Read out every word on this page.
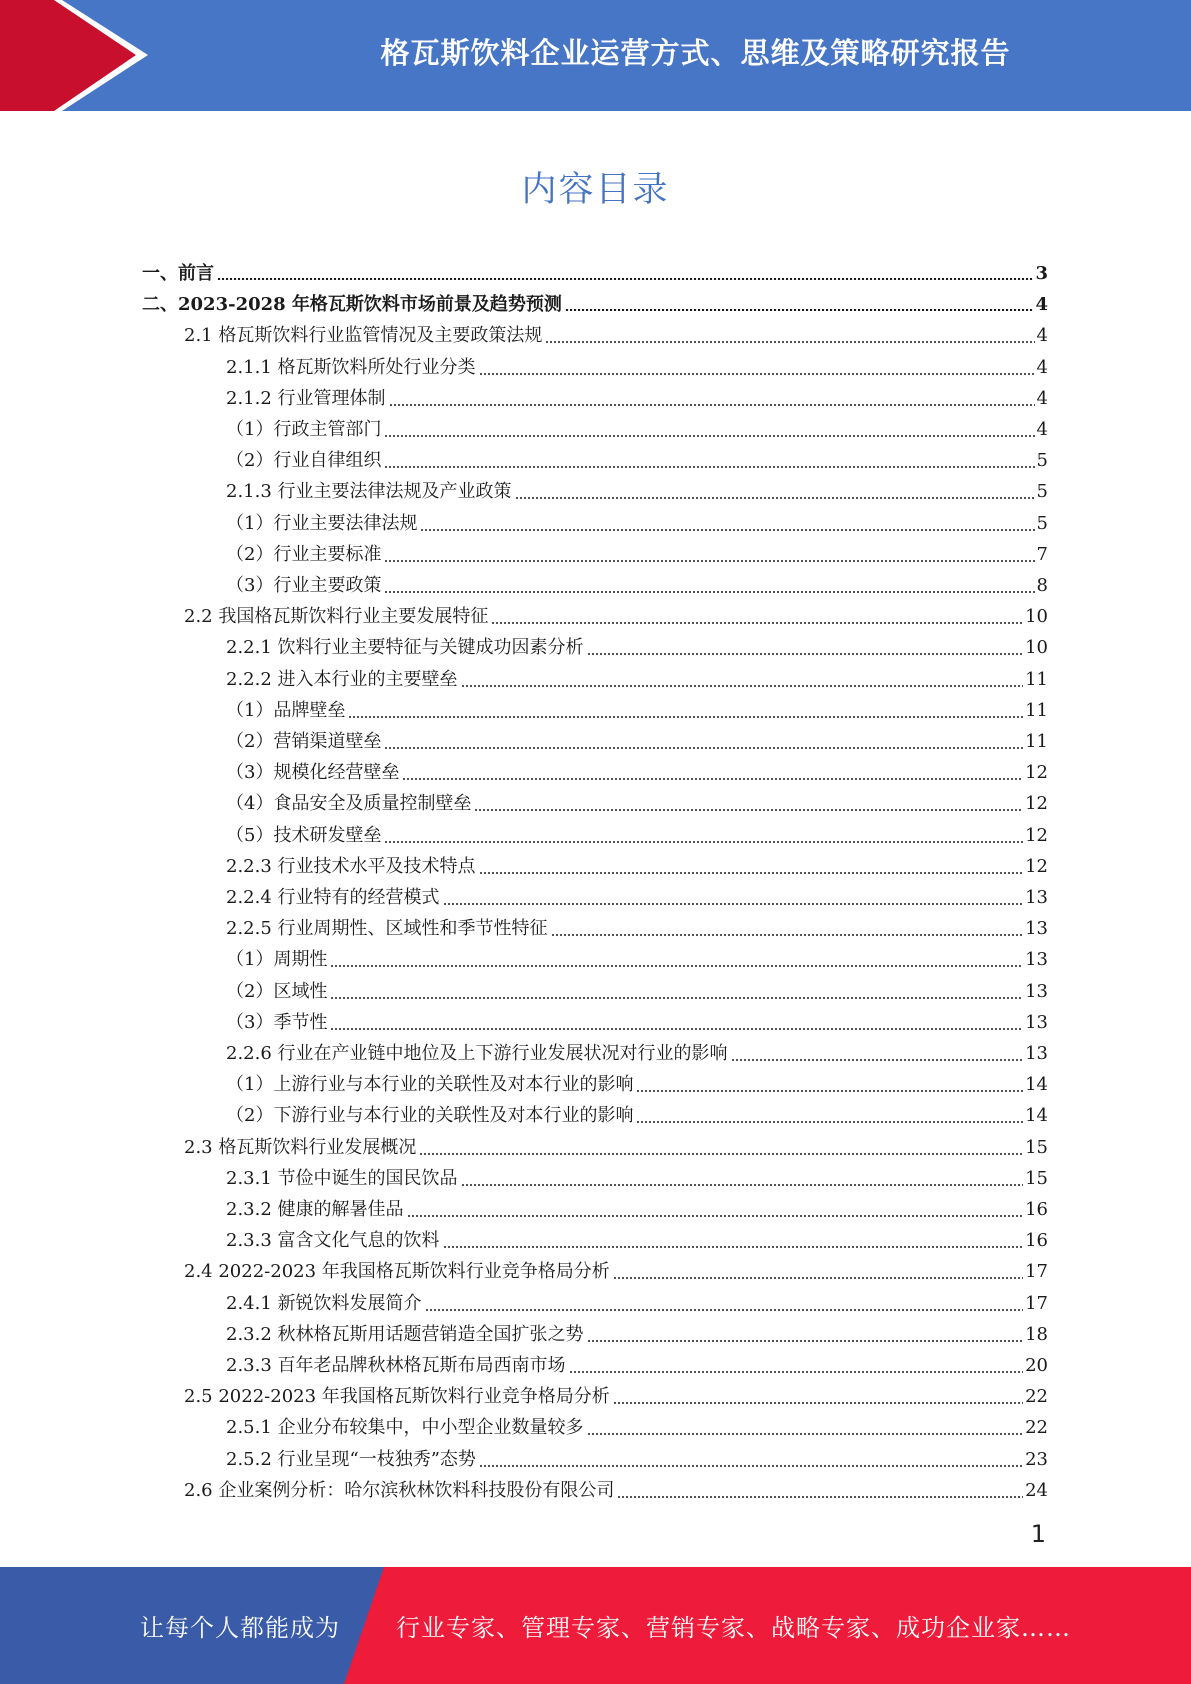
格瓦斯饮料企业运营方式、思维及策略研究报告
内容目录
一、前言	3
二、2023-2028 年格瓦斯饮料市场前景及趋势预测	4
2.1 格瓦斯饮料行业监管情况及主要政策法规	4
2.1.1 格瓦斯饮料所处行业分类	4
2.1.2 行业管理体制	4
（1）行政主管部门	4
（2）行业自律组织	5
2.1.3 行业主要法律法规及产业政策	5
（1）行业主要法律法规	5
（2）行业主要标准	7
（3）行业主要政策	8
2.2 我国格瓦斯饮料行业主要发展特征	10
2.2.1 饮料行业主要特征与关键成功因素分析	10
2.2.2 进入本行业的主要壁垒	11
（1）品牌壁垒	11
（2）营销渠道壁垒	11
（3）规模化经营壁垒	12
（4）食品安全及质量控制壁垒	12
（5）技术研发壁垒	12
2.2.3 行业技术水平及技术特点	12
2.2.4 行业特有的经营模式	13
2.2.5 行业周期性、区域性和季节性特征	13
（1）周期性	13
（2）区域性	13
（3）季节性	13
2.2.6 行业在产业链中地位及上下游行业发展状况对行业的影响	13
（1）上游行业与本行业的关联性及对本行业的影响	14
（2）下游行业与本行业的关联性及对本行业的影响	14
2.3 格瓦斯饮料行业发展概况	15
2.3.1 节俭中诞生的国民饮品	15
2.3.2 健康的解暑佳品	16
2.3.3 富含文化气息的饮料	16
2.4 2022-2023 年我国格瓦斯饮料行业竞争格局分析	17
2.4.1 新锐饮料发展简介	17
2.3.2 秋林格瓦斯用话题营销造全国扩张之势	18
2.3.3 百年老品牌秋林格瓦斯布局西南市场	20
2.5 2022-2023 年我国格瓦斯饮料行业竞争格局分析	22
2.5.1 企业分布较集中，中小型企业数量较多	22
2.5.2 行业呈现“一枝独秀”态势	23
2.6 企业案例分析：哈尔滨秋林饮料科技股份有限公司	24
1
让每个人都能成为 行业专家、管理专家、营销专家、战略专家、成功企业家……
